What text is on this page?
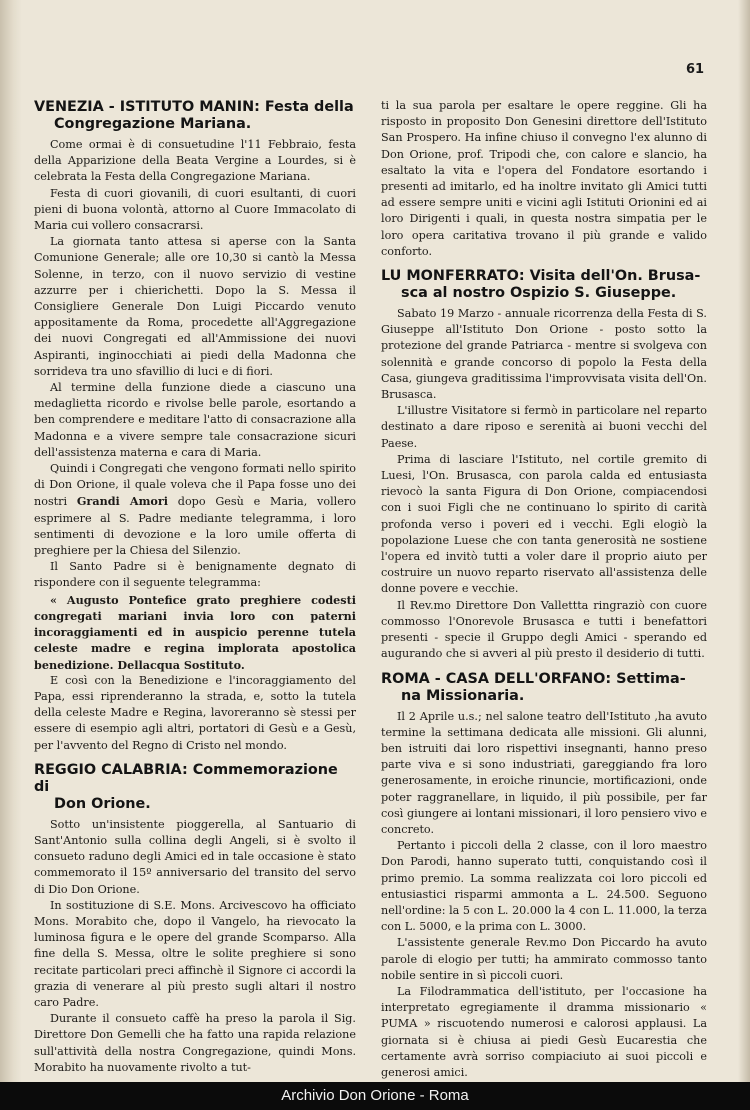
61
VENEZIA - ISTITUTO MANIN: Festa della
Congregazione Mariana.

Come ormai è di consuetudine l'11 Febbraio, festa della Apparizione della Beata Vergine a Lourdes, si è celebrata la Festa della Congregazione Mariana.

Festa di cuori giovanili, di cuori esultanti, di cuori pieni di buona volontà, attorno al Cuore Immacolato di Maria cui vollero consacrarsi.

La giornata tanto attesa si aperse con la Santa Comunione Generale; alle ore 10,30 si cantò la Messa Solenne, in terzo, con il nuovo servizio di vestine azzurre per i chierichetti. Dopo la S. Messa il Consigliere Generale Don Luigi Piccardo venuto appositamente da Roma, procedette all'Aggregazione dei nuovi Congregati ed all'Ammissione dei nuovi Aspiranti, inginocchiati ai piedi della Madonna che sorrideva tra uno sfavillio di luci e di fiori.

Al termine della funzione diede a ciascuno una medaglietta ricordo e rivolse belle parole, esortando a ben comprendere e meditare l'atto di consacrazione alla Madonna e a vivere sempre tale consacrazione sicuri dell'assistenza materna e cara di Maria.

Quindi i Congregati che vengono formati nello spirito di Don Orione, il quale voleva che il Papa fosse uno dei nostri Grandi Amori dopo Gesù e Maria, vollero esprimere al S. Padre mediante telegramma, i loro sentimenti di devozione e la loro umile offerta di preghiere per la Chiesa del Silenzio.

Il Santo Padre si è benignamente degnato di rispondere con il seguente telegramma:

« Augusto Pontefice grato preghiere codesti congregati mariani invia loro con paterni incoraggiamenti ed in auspicio perenne tutela celeste madre e regina implorata apostolica benedizione. Dellacqua Sostituto.

E così con la Benedizione e l'incoraggiamento del Papa, essi riprenderanno la strada, e, sotto la tutela della celeste Madre e Regina, lavoreranno sè stessi per essere di esempio agli altri, portatori di Gesù e a Gesù, per l'avvento del Regno di Cristo nel mondo.

REGGIO CALABRIA: Commemorazione di
Don Orione.

Sotto un'insistente pioggerella, al Santuario di Sant'Antonio sulla collina degli Angeli, si è svolto il consueto raduno degli Amici ed in tale occasione è stato commemorato il 15º anniversario del transito del servo di Dio Don Orione.

In sostituzione di S.E. Mons. Arcivescovo ha officiato Mons. Morabito che, dopo il Vangelo, ha rievocato la luminosa figura e le opere del grande Scomparso. Alla fine della S. Messa, oltre le solite preghiere si sono recitate particolari preci affinchè il Signore ci accordi la grazia di venerare al più presto sugli altari il nostro caro Padre.

Durante il consueto caffè ha preso la parola il Sig. Direttore Don Gemelli che ha fatto una rapida relazione sull'attività della nostra Congregazione, quindi Mons. Morabito ha nuovamente rivolto a tut-

ti la sua parola per esaltare le opere reggine. Gli ha risposto in proposito Don Genesini direttore dell'Istituto San Prospero. Ha infine chiuso il convegno l'ex alunno di Don Orione, prof. Tripodi che, con calore e slancio, ha esaltato la vita e l'opera del Fondatore esortando i presenti ad imitarlo, ed ha inoltre invitato gli Amici tutti ad essere sempre uniti e vicini agli Istituti Orionini ed ai loro Dirigenti i quali, in questa nostra simpatia per le loro opera caritativa trovano il più grande e valido conforto.

LU MONFERRATO: Visita dell'On. Brusa-
sca al nostro Ospizio S. Giuseppe.

Sabato 19 Marzo - annuale ricorrenza della Festa di S. Giuseppe all'Istituto Don Orione - posto sotto la protezione del grande Patriarca - mentre si svolgeva con solennità e grande concorso di popolo la Festa della Casa, giungeva graditissima l'improvvisata visita dell'On. Brusasca.

L'illustre Visitatore si fermò in particolare nel reparto destinato a dare riposo e serenità ai buoni vecchi del Paese.

Prima di lasciare l'Istituto, nel cortile gremito di Luesi, l'On. Brusasca, con parola calda ed entusiasta rievocò la santa Figura di Don Orione, compiacendosi con i suoi Figli che ne continuano lo spirito di carità profonda verso i poveri ed i vecchi. Egli elogiò la popolazione Luese che con tanta generosità ne sostiene l'opera ed invitò tutti a voler dare il proprio aiuto per costruire un nuovo reparto riservato all'assistenza delle donne povere e vecchie.

Il Rev.mo Direttore Don Vallettta ringraziò con cuore commosso l'Onorevole Brusasca e tutti i benefattori presenti - specie il Gruppo degli Amici - sperando ed augurando che si avveri al più presto il desiderio di tutti.

ROMA - CASA DELL'ORFANO: Settima-
na Missionaria.

Il 2 Aprile u.s.; nel salone teatro dell'Istituto ,ha avuto termine la settimana dedicata alle missioni. Gli alunni, ben istruiti dai loro rispettivi insegnanti, hanno preso parte viva e si sono industriati, gareggiando fra loro generosamente, in eroiche rinuncie, mortificazioni, onde poter raggranellare, in liquido, il più possibile, per far così giungere ai lontani missionari, il loro pensiero vivo e concreto.

Pertanto i piccoli della 2 classe, con il loro maestro Don Parodi, hanno superato tutti, conquistando così il primo premio. La somma realizzata coi loro piccoli ed entusiastici risparmi ammonta a L. 24.500. Seguono nell'ordine: la 5 con L. 20.000 la 4 con L. 11.000, la terza con L. 5000, e la prima con L. 3000.

L'assistente generale Rev.mo Don Piccardo ha avuto parole di elogio per tutti; ha ammirato commosso tanto nobile sentire in sì piccoli cuori.

La Filodrammatica dell'istituto, per l'occasione ha interpretato egregiamente il dramma missionario « PUMA » riscuotendo numerosi e calorosi applausi. La giornata si è chiusa ai piedi Gesù Eucarestia che certamente avrà sorriso compiaciuto ai suoi piccoli e generosi amici.

Archivio Don Orione - Roma
